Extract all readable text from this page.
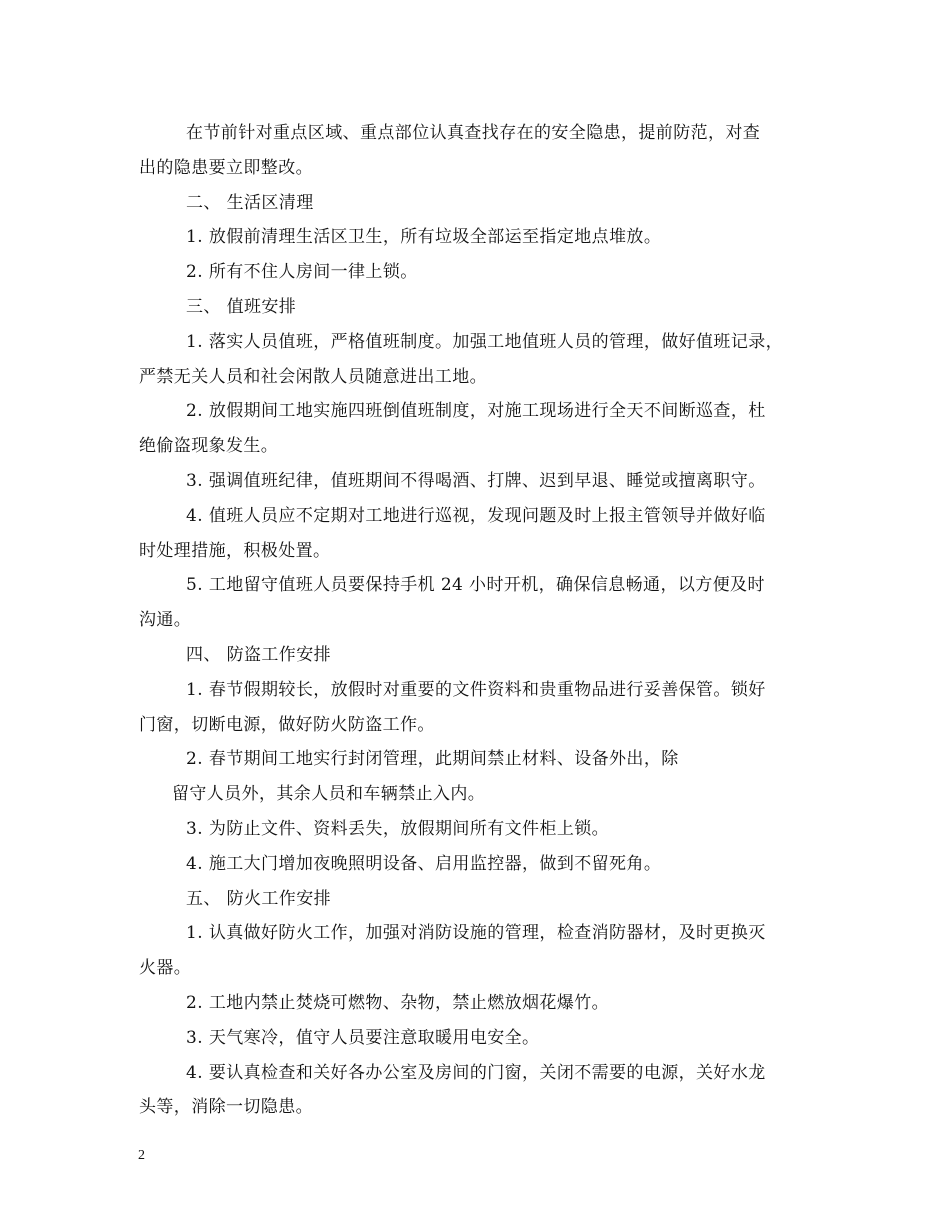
在节前针对重点区域、重点部位认真查找存在的安全隐患，提前防范，对查
出的隐患要立即整改。
二、 生活区清理
1. 放假前清理生活区卫生，所有垃圾全部运至指定地点堆放。
2. 所有不住人房间一律上锁。
三、 值班安排
1. 落实人员值班，严格值班制度。加强工地值班人员的管理，做好值班记录，
严禁无关人员和社会闲散人员随意进出工地。
2. 放假期间工地实施四班倒值班制度，对施工现场进行全天不间断巡查，杜
绝偷盗现象发生。
3. 强调值班纪律，值班期间不得喝酒、打牌、迟到早退、睡觉或擅离职守。
4. 值班人员应不定期对工地进行巡视，发现问题及时上报主管领导并做好临
时处理措施，积极处置。
5. 工地留守值班人员要保持手机 24 小时开机，确保信息畅通，以方便及时
沟通。
四、 防盗工作安排
1. 春节假期较长，放假时对重要的文件资料和贵重物品进行妥善保管。锁好
门窗，切断电源，做好防火防盗工作。
2. 春节期间工地实行封闭管理，此期间禁止材料、设备外出，除
留守人员外，其余人员和车辆禁止入内。
3. 为防止文件、资料丢失，放假期间所有文件柜上锁。
4. 施工大门增加夜晚照明设备、启用监控器，做到不留死角。
五、 防火工作安排
1. 认真做好防火工作，加强对消防设施的管理，检查消防器材，及时更换灭
火器。
2. 工地内禁止焚烧可燃物、杂物，禁止燃放烟花爆竹。
3. 天气寒冷，值守人员要注意取暖用电安全。
4. 要认真检查和关好各办公室及房间的门窗，关闭不需要的电源，关好水龙
头等，消除一切隐患。
2
